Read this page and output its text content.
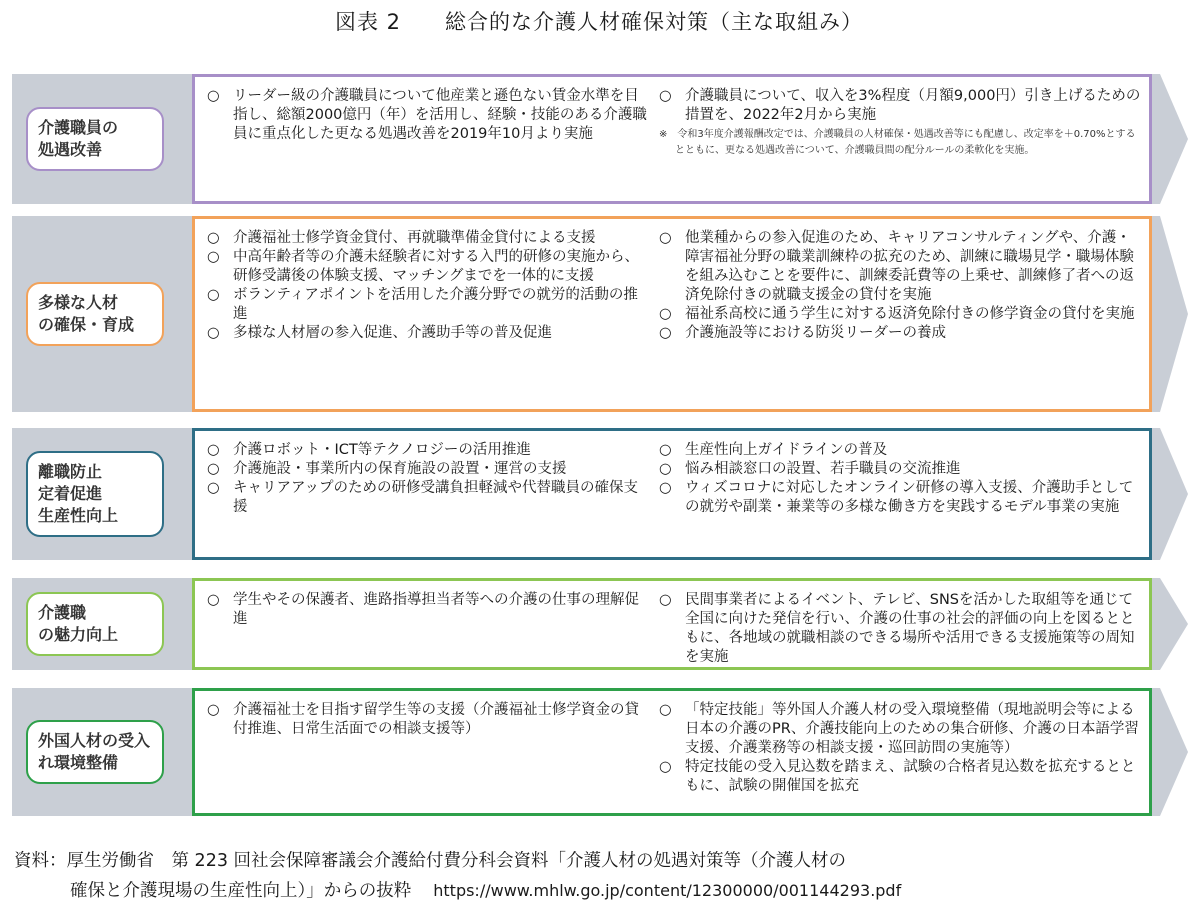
図表 2　　総合的な介護人材確保対策（主な取組み）
介護職員の
処遇改善

○ リーダー級の介護職員について他産業と遜色ない賃金水準を目指し、総額2000億円（年）を活用し、経験・技能のある介護職員に重点化した更なる処遇改善を2019年10月より実施

○ 介護職員について、収入を3%程度（月額9,000円）引き上げるための措置を、2022年2月から実施

※　令和3年度介護報酬改定では、介護職員の人材確保・処遇改善等にも配慮し、改定率を＋0.70%とするとともに、更なる処遇改善について、介護職員間の配分ルールの柔軟化を実施。
多様な人材
の確保・育成

○ 介護福祉士修学資金貸付、再就職準備金貸付による支援

○ 中高年齢者等の介護未経験者に対する入門的研修の実施から、研修受講後の体験支援、マッチングまでを一体的に支援

○ ボランティアポイントを活用した介護分野での就労的活動の推進

○ 多様な人材層の参入促進、介護助手等の普及促進

○ 他業種からの参入促進のため、キャリアコンサルティングや、介護・障害福祉分野の職業訓練枠の拡充のため、訓練に職場見学・職場体験を組み込むことを要件に、訓練委託費等の上乗せ、訓練修了者への返済免除付きの就職支援金の貸付を実施

○ 福祉系高校に通う学生に対する返済免除付きの修学資金の貸付を実施

○ 介護施設等における防災リーダーの養成

離職防止
定着促進
生産性向上

○ 介護ロボット・ICT等テクノロジーの活用推進

○ 介護施設・事業所内の保育施設の設置・運営の支援

○ キャリアアップのための研修受講負担軽減や代替職員の確保支援

○ 生産性向上ガイドラインの普及

○ 悩み相談窓口の設置、若手職員の交流推進

○ ウィズコロナに対応したオンライン研修の導入支援、介護助手としての就労や副業・兼業等の多様な働き方を実践するモデル事業の実施

介護職
の魅力向上

○ 学生やその保護者、進路指導担当者等への介護の仕事の理解促進

○ 民間事業者によるイベント、テレビ、SNSを活かした取組等を通じて全国に向けた発信を行い、介護の仕事の社会的評価の向上を図るとともに、各地域の就職相談のできる場所や活用できる支援施策等の周知を実施

外国人材の受入
れ環境整備

○ 介護福祉士を目指す留学生等の支援（介護福祉士修学資金の貸付推進、日常生活面での相談支援等）

○ 「特定技能」等外国人介護人材の受入環境整備（現地説明会等による日本の介護のPR、介護技能向上のための集合研修、介護の日本語学習支援、介護業務等の相談支援・巡回訪問の実施等）

○ 特定技能の受入見込数を踏まえ、試験の合格者見込数を拡充するとともに、試験の開催国を拡充

資料：厚生労働省　第 223 回社会保障審議会介護給付費分科会資料「介護人材の処遇対策等（介護人材の
確保と介護現場の生産性向上）」からの抜粋 https://www.mhlw.go.jp/content/12300000/001144293.pdf
